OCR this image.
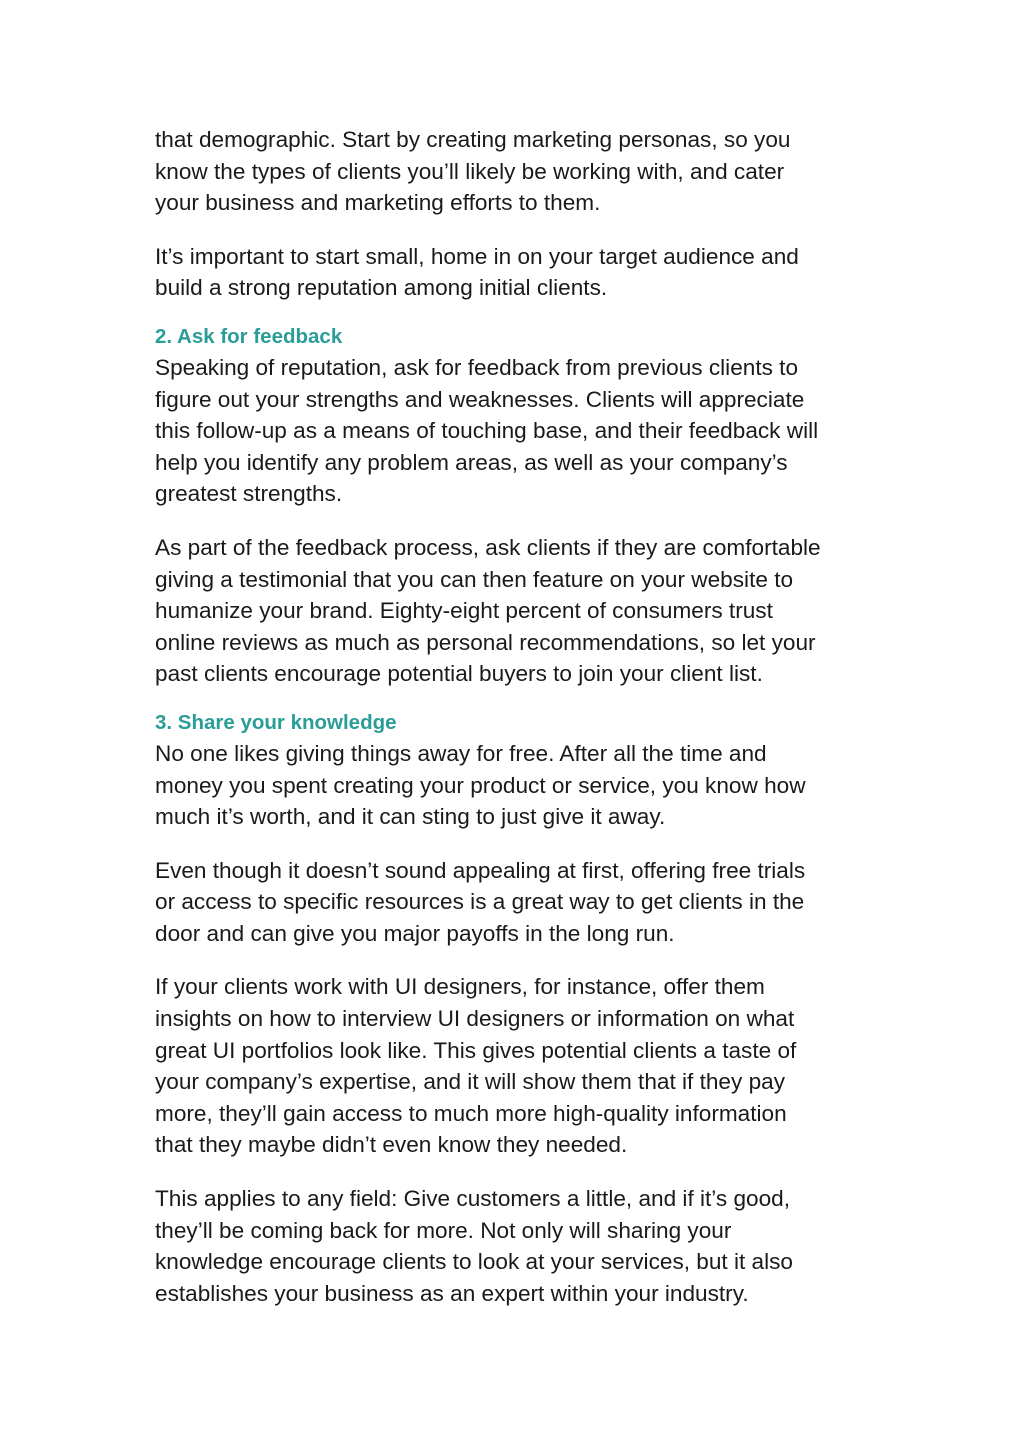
that demographic. Start by creating marketing personas, so you
know the types of clients you’ll likely be working with, and cater
your business and marketing efforts to them.

It’s important to start small, home in on your target audience and
build a strong reputation among initial clients.

2. Ask for feedback

Speaking of reputation, ask for feedback from previous clients to
figure out your strengths and weaknesses. Clients will appreciate
this follow-up as a means of touching base, and their feedback will
help you identify any problem areas, as well as your company’s
greatest strengths.

As part of the feedback process, ask clients if they are comfortable
giving a testimonial that you can then feature on your website to
humanize your brand. Eighty-eight percent of consumers trust
online reviews as much as personal recommendations, so let your
past clients encourage potential buyers to join your client list.

3. Share your knowledge

No one likes giving things away for free. After all the time and
money you spent creating your product or service, you know how
much it’s worth, and it can sting to just give it away.

Even though it doesn’t sound appealing at first, offering free trials
or access to specific resources is a great way to get clients in the
door and can give you major payoffs in the long run.

If your clients work with UI designers, for instance, offer them
insights on how to interview UI designers or information on what
great UI portfolios look like. This gives potential clients a taste of
your company’s expertise, and it will show them that if they pay
more, they’ll gain access to much more high-quality information
that they maybe didn’t even know they needed.

This applies to any field: Give customers a little, and if it’s good,
they’ll be coming back for more. Not only will sharing your
knowledge encourage clients to look at your services, but it also
establishes your business as an expert within your industry.
